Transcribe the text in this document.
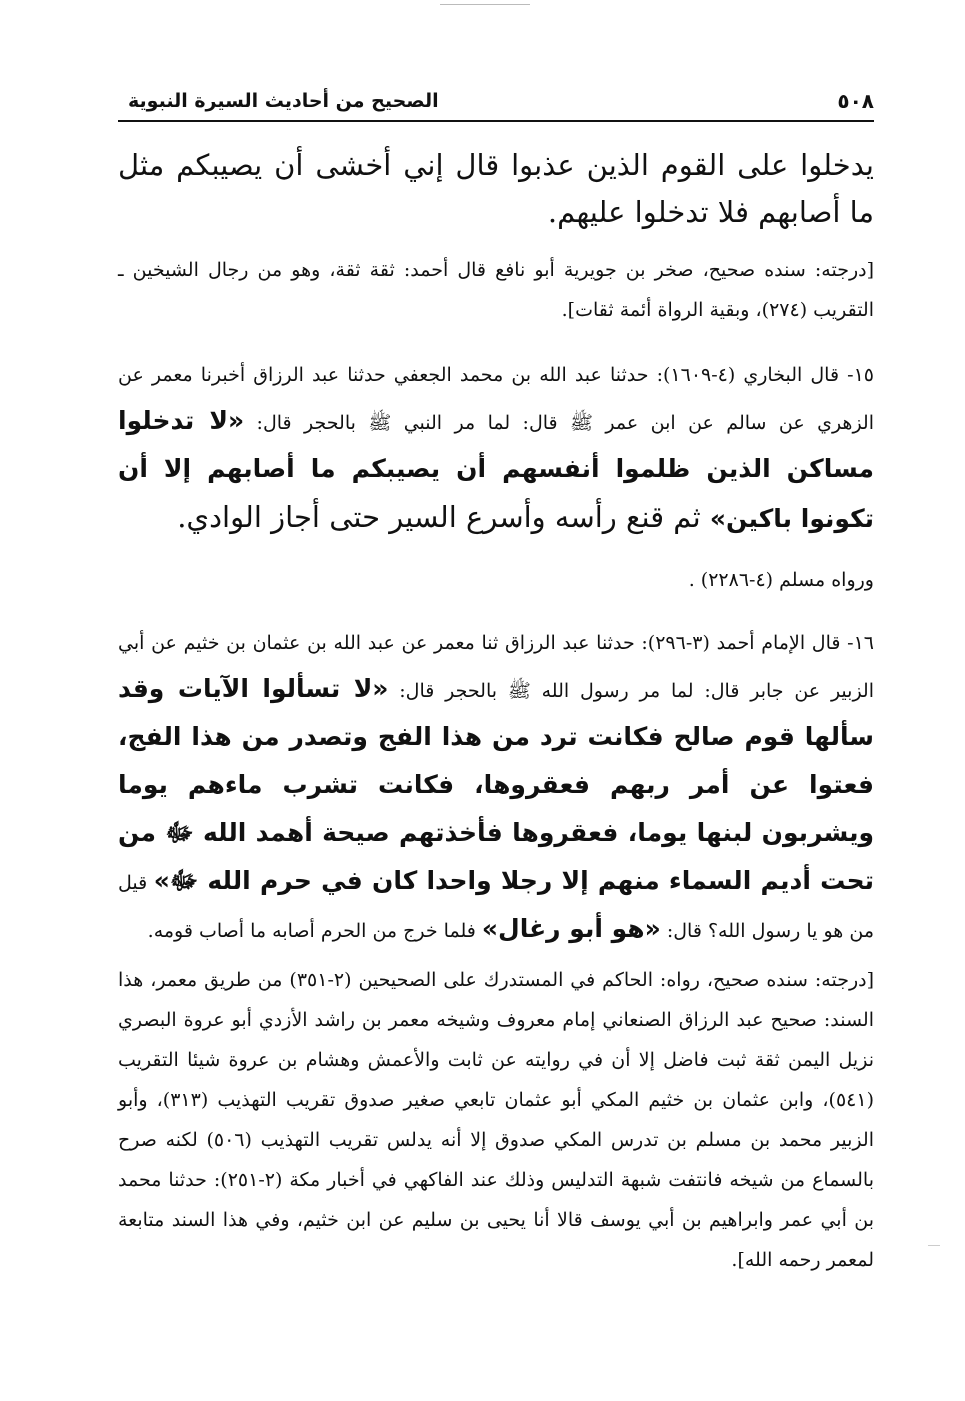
٥٠٨
الصحيح من أحاديث السيرة النبوية

يدخلوا على القوم الذين عذبوا قال إني أخشى أن يصيبكم مثل ما أصابهم فلا تدخلوا عليهم.

[درجته: سنده صحيح، صخر بن جويرية أبو نافع قال أحمد: ثقة ثقة، وهو من رجال الشيخين ـ التقريب (٢٧٤)، وبقية الرواة أئمة ثقات].

١٥- قال البخاري (٤-١٦٠٩): حدثنا عبد الله بن محمد الجعفي حدثنا عبد الرزاق أخبرنا معمر عن الزهري عن سالم عن ابن عمر ﷺ قال: لما مر النبي ﷺ بالحجر قال: «لا تدخلوا مساكن الذين ظلموا أنفسهم أن يصيبكم ما أصابهم إلا أن تكونوا باكين» ثم قنع رأسه وأسرع السير حتى أجاز الوادي.

ورواه مسلم (٤-٢٢٨٦) .

١٦- قال الإمام أحمد (٣-٢٩٦): حدثنا عبد الرزاق ثنا معمر عن عبد الله بن عثمان بن خثيم عن أبي الزبير عن جابر قال: لما مر رسول الله ﷺ بالحجر قال: «لا تسألوا الآيات وقد سألها قوم صالح فكانت ترد من هذا الفج وتصدر من هذا الفج، فعتوا عن أمر ربهم فعقروها، فكانت تشرب ماءهم يوما ويشربون لبنها يوما، فعقروها فأخذتهم صيحة أهمد الله ﷻ من تحت أديم السماء منهم إلا رجلا واحدا كان في حرم الله ﷻ» قيل من هو يا رسول الله؟ قال: «هو أبو رغال» فلما خرج من الحرم أصابه ما أصاب قومه.

[درجته: سنده صحيح، رواه: الحاكم في المستدرك على الصحيحين (٢-٣٥١) من طريق معمر، هذا السند: صحيح عبد الرزاق الصنعاني إمام معروف وشيخه معمر بن راشد الأزدي أبو عروة البصري نزيل اليمن ثقة ثبت فاضل إلا أن في روايته عن ثابت والأعمش وهشام بن عروة شيئا التقريب (٥٤١)، وابن عثمان بن خثيم المكي أبو عثمان تابعي صغير صدوق تقريب التهذيب (٣١٣)، وأبو الزبير محمد بن مسلم بن تدرس المكي صدوق إلا أنه يدلس تقريب التهذيب (٥٠٦) لكنه صرح بالسماع من شيخه فانتفت شبهة التدليس وذلك عند الفاكهي في أخبار مكة (٢-٢٥١): حدثنا محمد بن أبي عمر وابراهيم بن أبي يوسف قالا أنا يحيى بن سليم عن ابن خثيم، وفي هذا السند متابعة لمعمر رحمه الله].
